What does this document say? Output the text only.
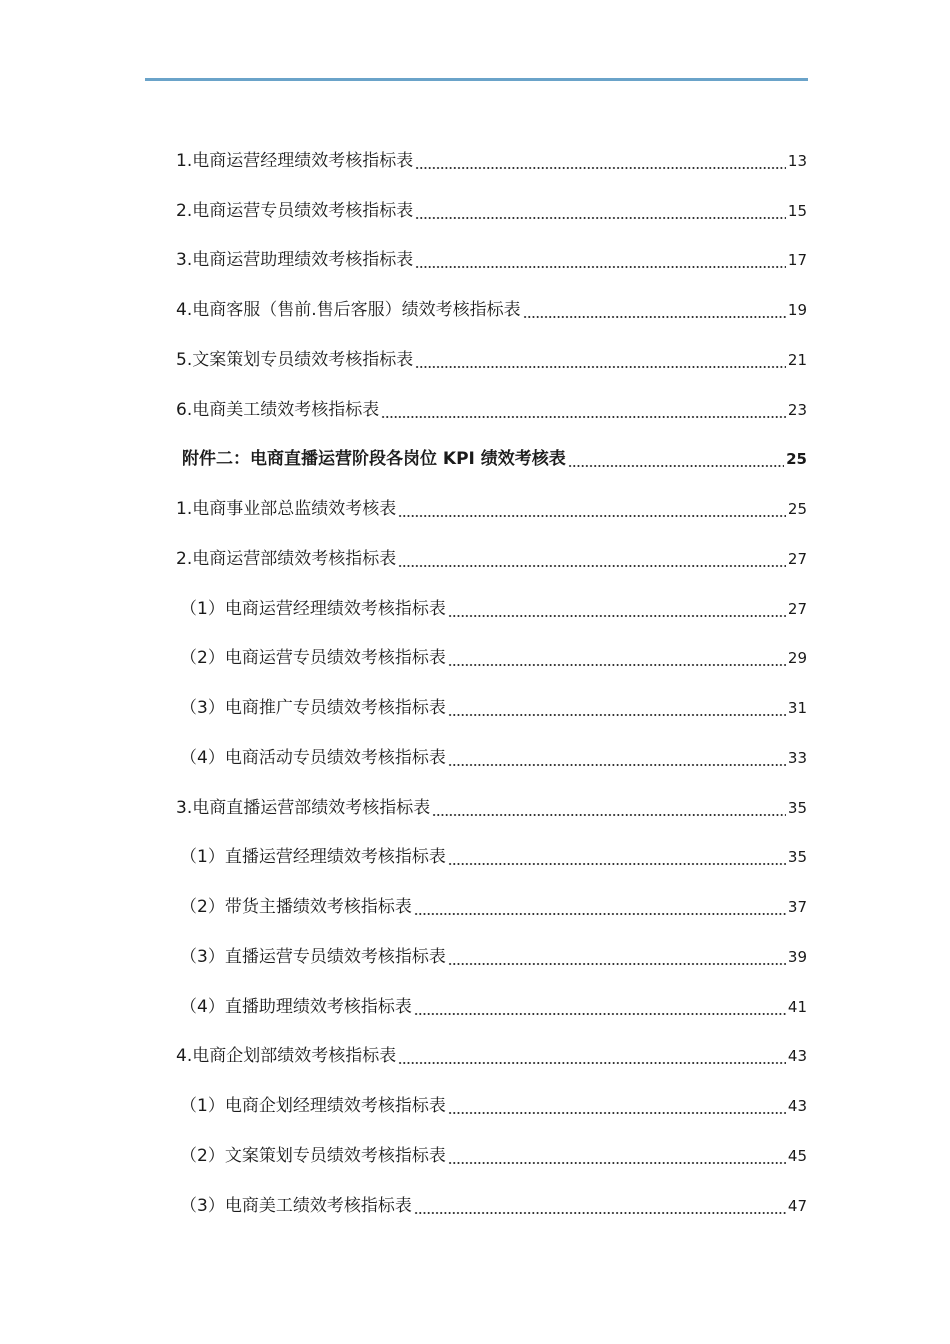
1.电商运营经理绩效考核指标表	13
2.电商运营专员绩效考核指标表	15
3.电商运营助理绩效考核指标表	17
4.电商客服（售前.售后客服）绩效考核指标表	19
5.文案策划专员绩效考核指标表	21
6.电商美工绩效考核指标表	23
附件二：电商直播运营阶段各岗位 KPI 绩效考核表	25
1.电商事业部总监绩效考核表	25
2.电商运营部绩效考核指标表	27
（1）电商运营经理绩效考核指标表	27
（2）电商运营专员绩效考核指标表	29
（3）电商推广专员绩效考核指标表	31
（4）电商活动专员绩效考核指标表	33
3.电商直播运营部绩效考核指标表	35
（1）直播运营经理绩效考核指标表	35
（2）带货主播绩效考核指标表	37
（3）直播运营专员绩效考核指标表	39
（4）直播助理绩效考核指标表	41
4.电商企划部绩效考核指标表	43
（1）电商企划经理绩效考核指标表	43
（2）文案策划专员绩效考核指标表	45
（3）电商美工绩效考核指标表	47
